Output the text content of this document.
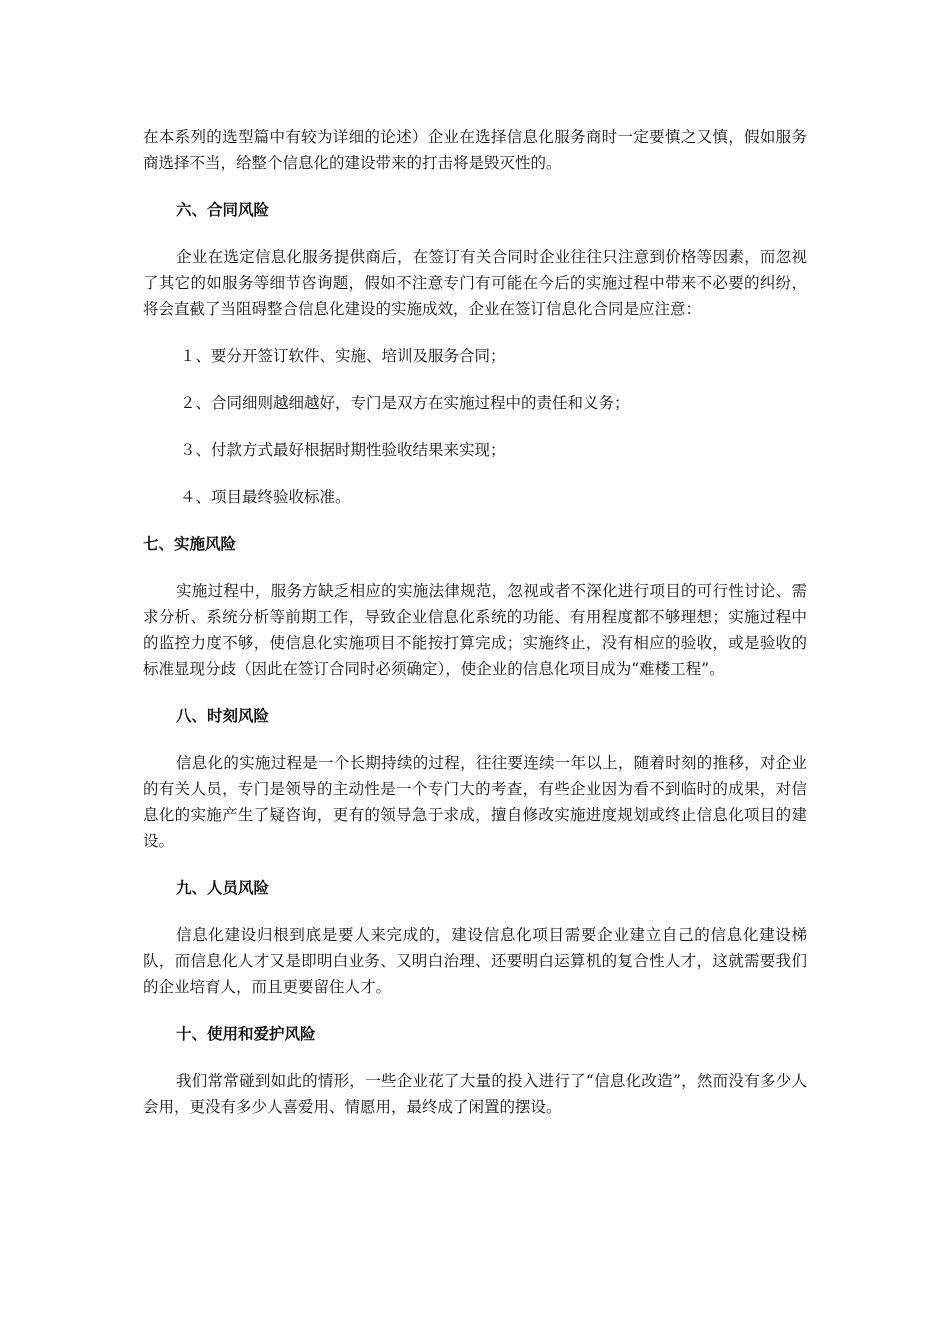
在本系列的选型篇中有较为详细的论述）企业在选择信息化服务商时一定要慎之又慎，假如服务商选择不当，给整个信息化的建设带来的打击将是毁灭性的。

六、合同风险

企业在选定信息化服务提供商后，在签订有关合同时企业往往只注意到价格等因素，而忽视了其它的如服务等细节咨询题，假如不注意专门有可能在今后的实施过程中带来不必要的纠纷，将会直截了当阻碍整合信息化建设的实施成效，企业在签订信息化合同是应注意：

１、要分开签订软件、实施、培训及服务合同；

２、合同细则越细越好，专门是双方在实施过程中的责任和义务；

３、付款方式最好根据时期性验收结果来实现；

４、项目最终验收标准。

七、实施风险

实施过程中，服务方缺乏相应的实施法律规范，忽视或者不深化进行项目的可行性讨论、需求分析、系统分析等前期工作，导致企业信息化系统的功能、有用程度都不够理想；实施过程中的监控力度不够，使信息化实施项目不能按打算完成；实施终止，没有相应的验收，或是验收的标准显现分歧（因此在签订合同时必须确定），使企业的信息化项目成为“难楼工程”。

八、时刻风险

信息化的实施过程是一个长期持续的过程，往往要连续一年以上，随着时刻的推移，对企业的有关人员，专门是领导的主动性是一个专门大的考查，有些企业因为看不到临时的成果，对信息化的实施产生了疑咨询，更有的领导急于求成，擅自修改实施进度规划或终止信息化项目的建设。

九、人员风险

信息化建设归根到底是要人来完成的，建设信息化项目需要企业建立自己的信息化建设梯队，而信息化人才又是即明白业务、又明白治理、还要明白运算机的复合性人才，这就需要我们的企业培育人，而且更要留住人才。

十、使用和爱护风险

我们常常碰到如此的情形，一些企业花了大量的投入进行了“信息化改造”，然而没有多少人会用，更没有多少人喜爱用、情愿用，最终成了闲置的摆设。
